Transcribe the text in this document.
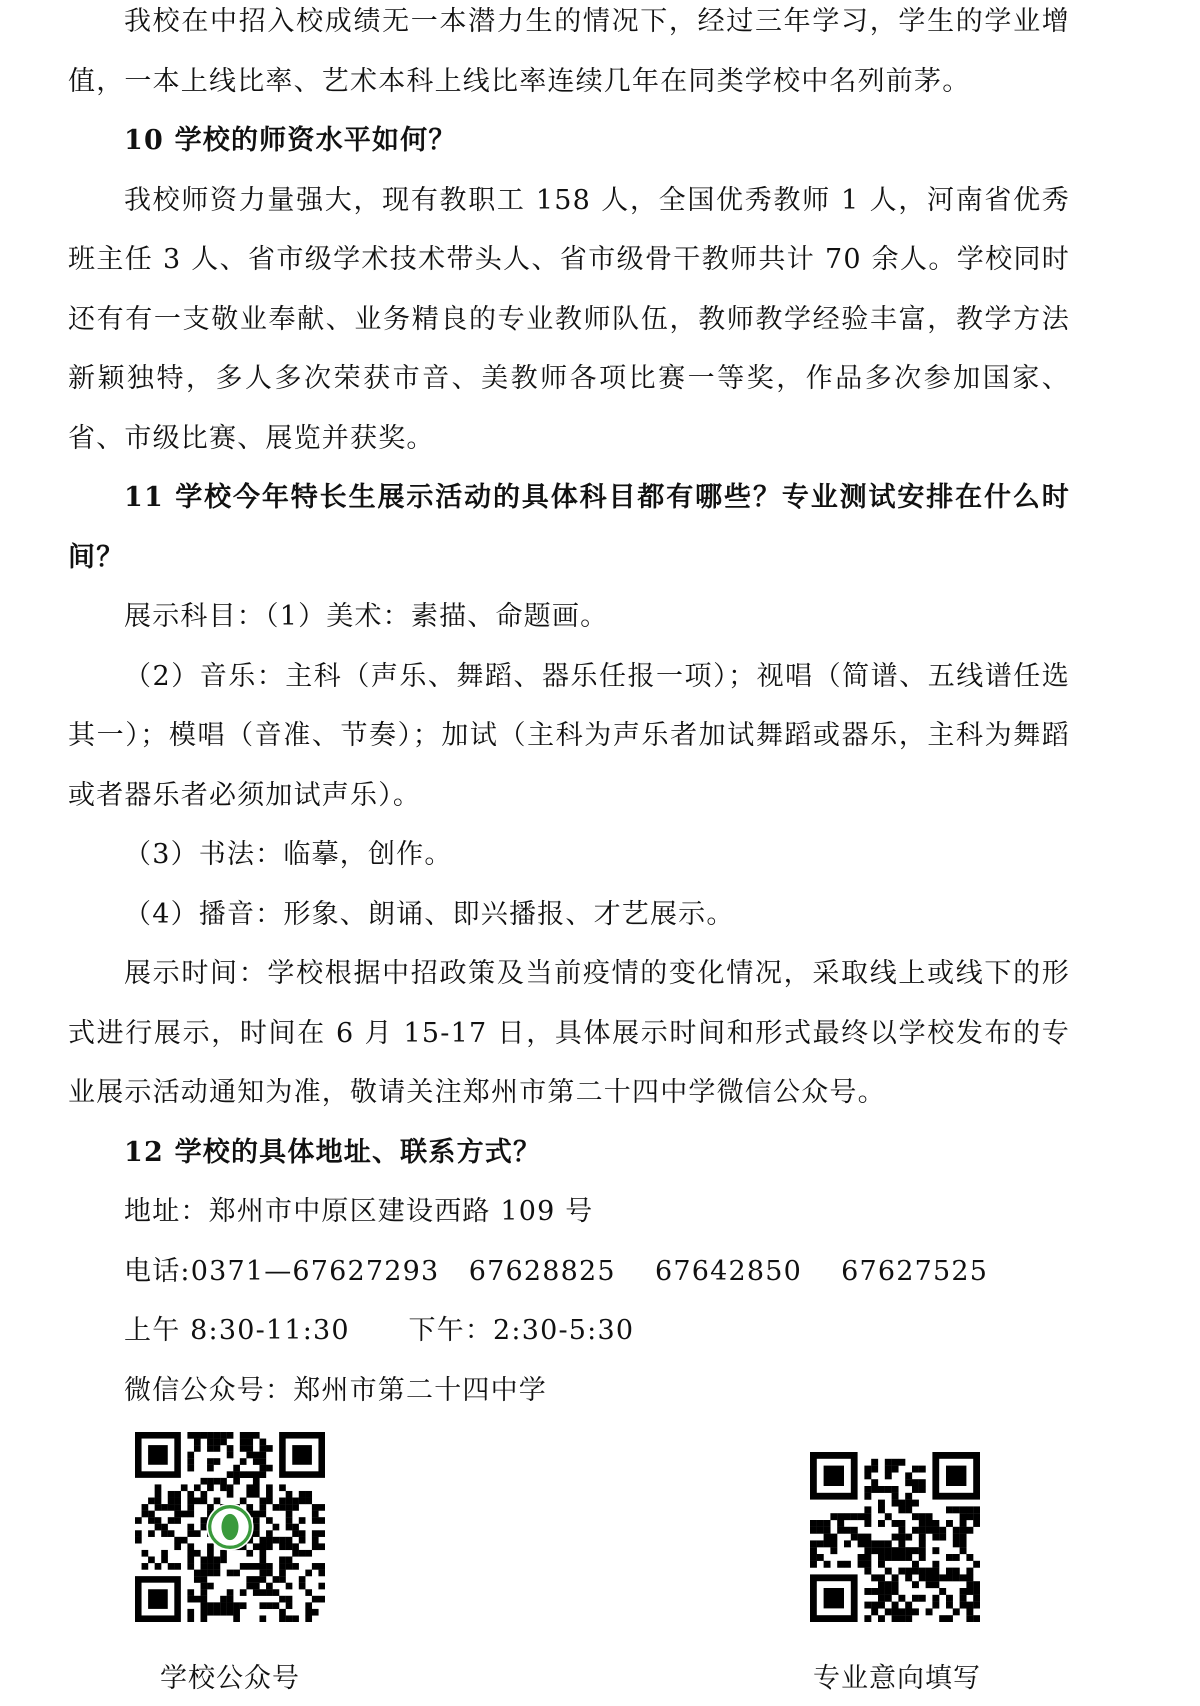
我校在中招入校成绩无一本潜力生的情况下，经过三年学习，学生的学业增值，一本上线比率、艺术本科上线比率连续几年在同类学校中名列前茅。

10 学校的师资水平如何？

我校师资力量强大，现有教职工 158 人，全国优秀教师 1 人，河南省优秀班主任 3 人、省市级学术技术带头人、省市级骨干教师共计 70 余人。学校同时还有有一支敬业奉献、业务精良的专业教师队伍，教师教学经验丰富，教学方法新颖独特，多人多次荣获市音、美教师各项比赛一等奖，作品多次参加国家、省、市级比赛、展览并获奖。

11 学校今年特长生展示活动的具体科目都有哪些？专业测试安排在什么时间？

展示科目：（1）美术：素描、命题画。

（2）音乐：主科（声乐、舞蹈、器乐任报一项）；视唱（简谱、五线谱任选其一）；模唱（音准、节奏）；加试（主科为声乐者加试舞蹈或器乐，主科为舞蹈或者器乐者必须加试声乐）。

（3）书法：临摹，创作。

（4）播音：形象、朗诵、即兴播报、才艺展示。

展示时间：学校根据中招政策及当前疫情的变化情况，采取线上或线下的形式进行展示，时间在 6 月 15-17 日，具体展示时间和形式最终以学校发布的专业展示活动通知为准，敬请关注郑州市第二十四中学微信公众号。

12 学校的具体地址、联系方式？

地址：郑州市中原区建设西路 109 号

电话:0371—67627293   67628825    67642850    67627525

上午 8:30-11:30      下午：2:30-5:30

微信公众号：郑州市第二十四中学

学校公众号	专业意向填写
